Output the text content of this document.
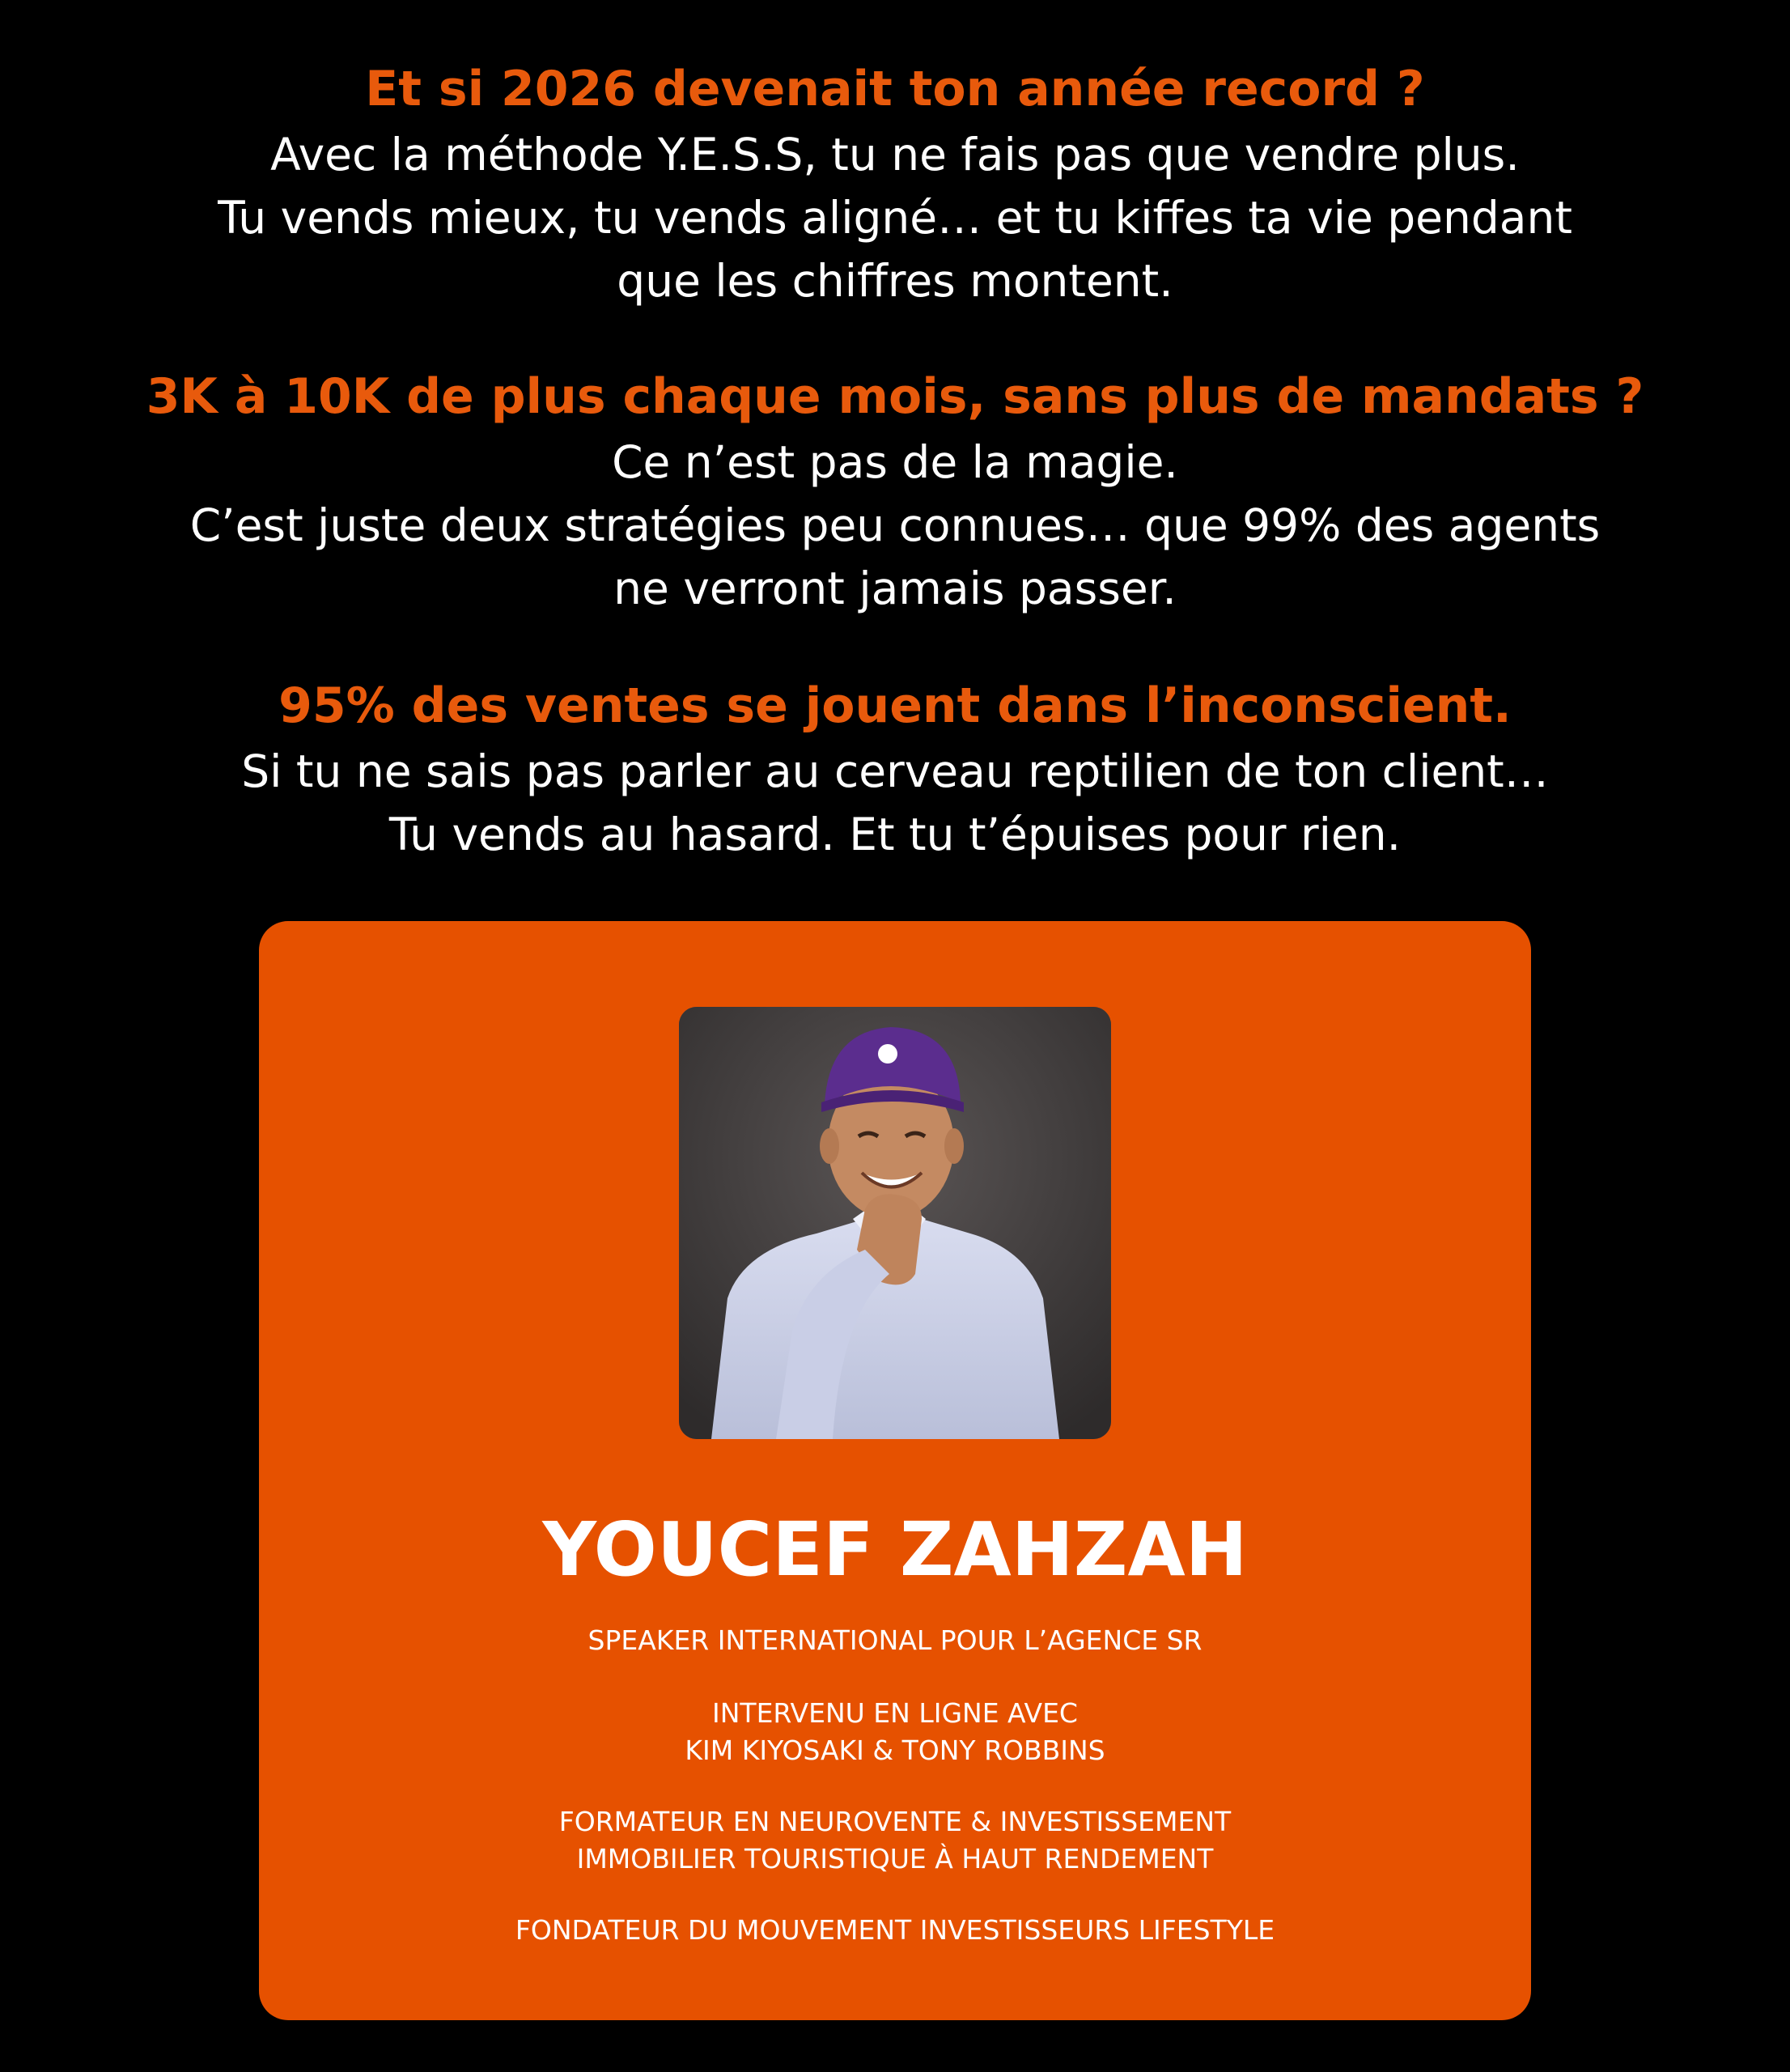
Et si 2026 devenait ton année record ?

Avec la méthode Y.E.S.S, tu ne fais pas que vendre plus.

Tu vends mieux, tu vends aligné… et tu kiffes ta vie pendant

que les chiffres montent.

3K à 10K de plus chaque mois, sans plus de mandats ?

Ce n’est pas de la magie.

C’est juste deux stratégies peu connues… que 99% des agents

ne verront jamais passer.

95% des ventes se jouent dans l’inconscient.

Si tu ne sais pas parler au cerveau reptilien de ton client…

Tu vends au hasard. Et tu t’épuises pour rien.

YOUCEF ZAHZAH
SPEAKER INTERNATIONAL POUR L’AGENCE SR
INTERVENU EN LIGNE AVEC
KIM KIYOSAKI & TONY ROBBINS
FORMATEUR EN NEUROVENTE & INVESTISSEMENT
IMMOBILIER TOURISTIQUE À HAUT RENDEMENT
FONDATEUR DU MOUVEMENT INVESTISSEURS LIFESTYLE
